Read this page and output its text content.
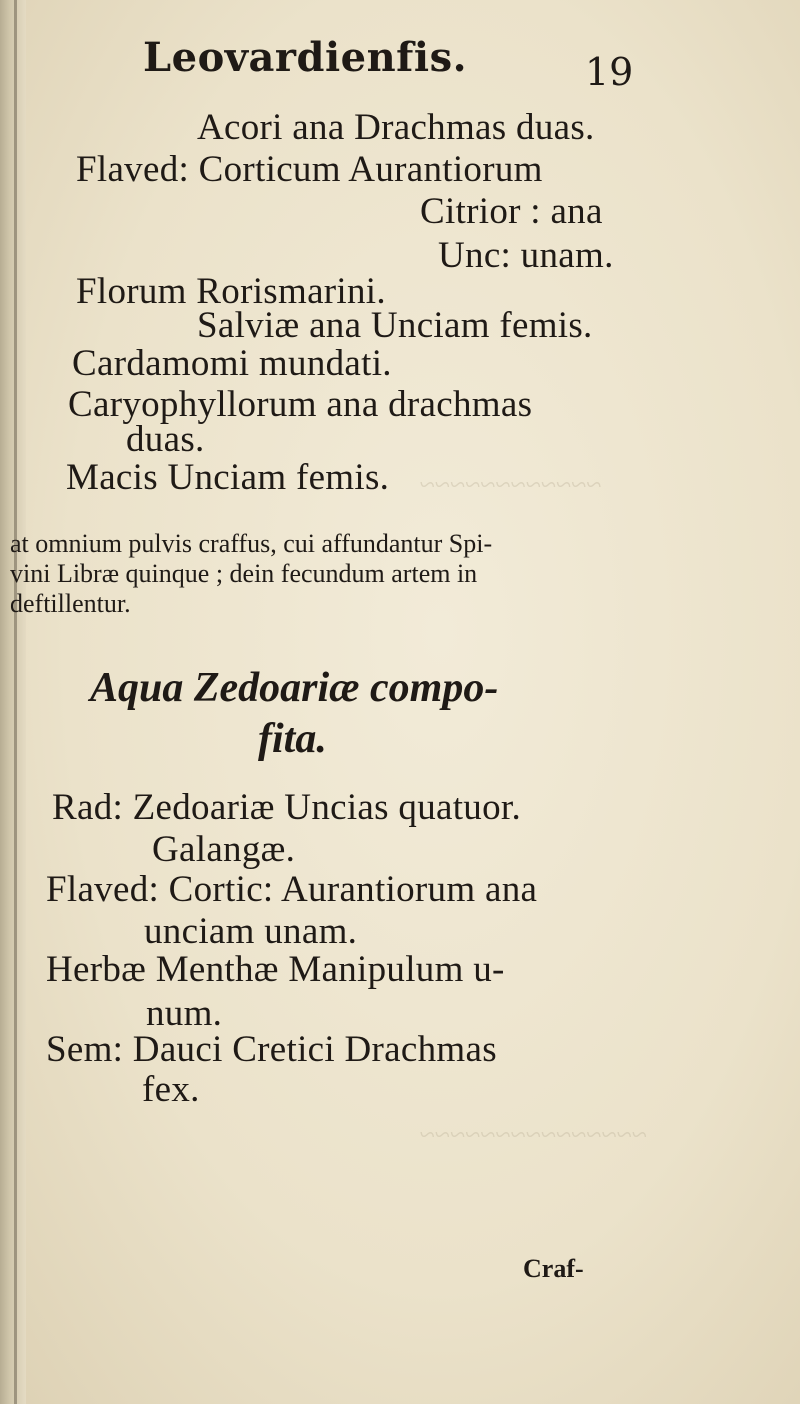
~~~~~~~~~~~~
~~~~~~~~~~~~~~~
Leovardienfis.	19
Acori ana Drachmas duas.
Flaved: Corticum Aurantiorum
Citrior : ana
Unc: unam.
Florum Rorismarini.
Salviæ ana Unciam femis.
Cardamomi mundati.
Caryophyllorum ana drachmas
duas.
Macis Unciam femis.
at omnium pulvis craffus, cui affundantur Spi-
vini Libræ quinque ; dein fecundum artem in
deftillentur.
Aqua Zedoariæ compo-
fita.
Rad: Zedoariæ Uncias quatuor.
Galangæ.
Flaved: Cortic: Aurantiorum ana
unciam unam.
Herbæ Menthæ Manipulum u-
num.
Sem: Dauci Cretici Drachmas
fex.
Craf-
